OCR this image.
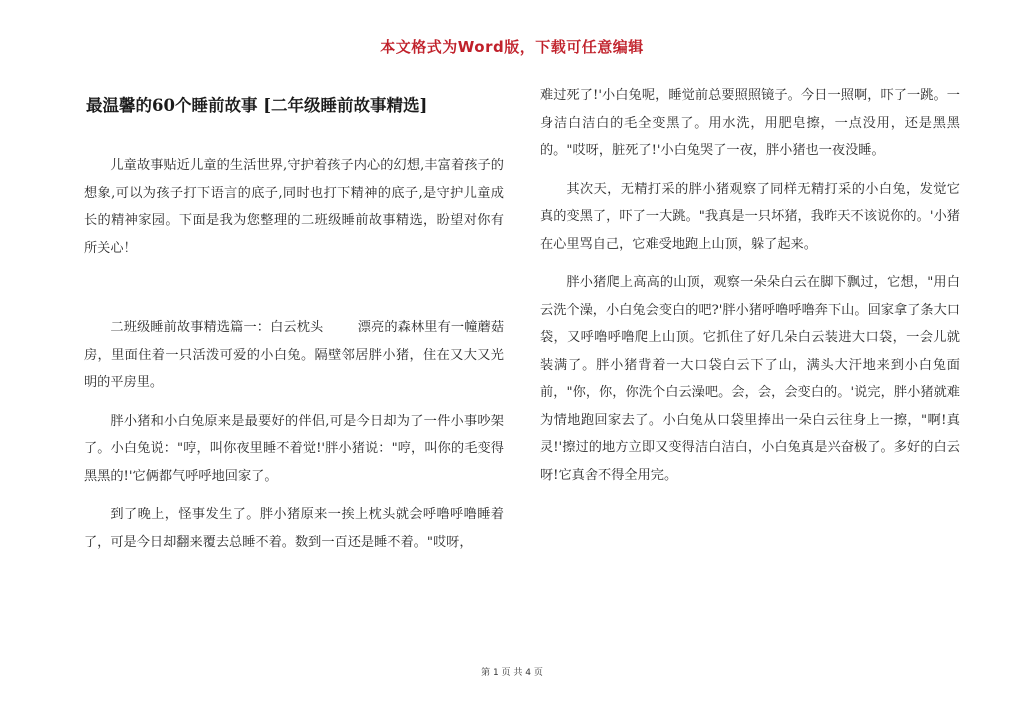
本文格式为Word版，下载可任意编辑
最温馨的60个睡前故事 [二年级睡前故事精选]

儿童故事贴近儿童的生活世界,守护着孩子内心的幻想,丰富着孩子的想象,可以为孩子打下语言的底子,同时也打下精神的底子,是守护儿童成长的精神家园。下面是我为您整理的二班级睡前故事精选，盼望对你有所关心！

二班级睡前故事精选篇一：白云枕头	漂亮的森林里有一幢蘑菇房，里面住着一只活泼可爱的小白兔。隔壁邻居胖小猪，住在又大又光明的平房里。

胖小猪和小白兔原来是最要好的伴侣,可是今日却为了一件小事吵架了。小白兔说："哼，叫你夜里睡不着觉!'胖小猪说："哼，叫你的毛变得黑黑的!'它俩都气呼呼地回家了。

到了晚上，怪事发生了。胖小猪原来一挨上枕头就会呼噜呼噜睡着了，可是今日却翻来覆去总睡不着。数到一百还是睡不着。"哎呀，

难过死了!'小白兔呢，睡觉前总要照照镜子。今日一照啊，吓了一跳。一身洁白洁白的毛全变黑了。用水洗，用肥皂擦，一点没用，还是黑黑的。"哎呀，脏死了!'小白兔哭了一夜，胖小猪也一夜没睡。

其次天，无精打采的胖小猪观察了同样无精打采的小白兔，发觉它真的变黑了，吓了一大跳。"我真是一只坏猪，我昨天不该说你的。'小猪在心里骂自己，它难受地跑上山顶，躲了起来。

胖小猪爬上高高的山顶，观察一朵朵白云在脚下飘过，它想，"用白云洗个澡，小白兔会变白的吧?'胖小猪呼噜呼噜奔下山。回家拿了条大口袋，又呼噜呼噜爬上山顶。它抓住了好几朵白云装进大口袋，一会儿就装满了。胖小猪背着一大口袋白云下了山，满头大汗地来到小白兔面前，"你，你，你洗个白云澡吧。会，会，会变白的。'说完，胖小猪就难为情地跑回家去了。小白兔从口袋里捧出一朵白云往身上一擦，"啊!真灵!'擦过的地方立即又变得洁白洁白，小白兔真是兴奋极了。多好的白云呀!它真舍不得全用完。

第 1 页 共 4 页
